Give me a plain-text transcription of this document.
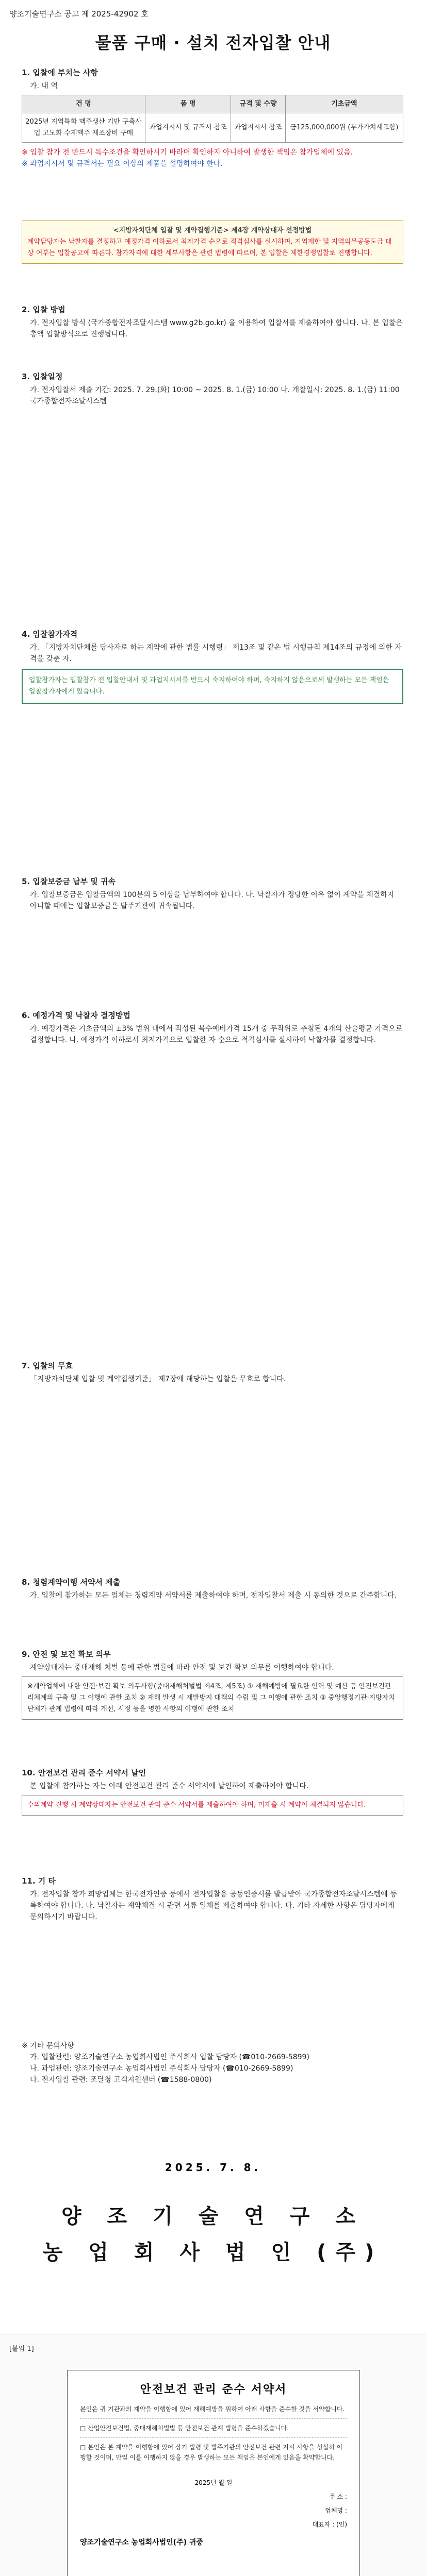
양조기술연구소 공고 제 2025-42902 호
물품 구매 · 설치 전자입찰 안내
1. 입찰에 부치는 사항
가. 내 역
건 명	품 명	규격 및 수량	기초금액
2025년 지역특화 맥주생산 기반 구축사업 고도화 수제맥주 제조장비 구매	과업지시서 및 규격서 참조	과업지시서 참조	금125,000,000원 (부가가치세포함)
※ 입찰 참가 전 반드시 특수조건을 확인하시기 바라며 확인하지 아니하여 발생한 책임은 참가업체에 있음.
※ 과업지시서 및 규격서는 필요 이상의 제품을 설명하여야 한다.
<지방자치단체 입찰 및 계약집행기준> 제4장 계약상대자 선정방법
계약담당자는 낙찰자를 결정하고 예정가격 이하로서 최저가격 순으로 적격심사를 실시하며, 지역제한 및 지역의무공동도급 대상 여부는 입찰공고에 따른다. 참가자격에 대한 세부사항은 관련 법령에 따르며, 본 입찰은 제한경쟁입찰로 진행합니다.
2. 입찰 방법
가. 전자입찰 방식 (국가종합전자조달시스템 www.g2b.go.kr) 을 이용하여 입찰서를 제출하여야 합니다. 나. 본 입찰은 총액 입찰방식으로 진행됩니다.
3. 입찰일정
가. 전자입찰서 제출 기간: 2025. 7. 29.(화) 10:00 ~ 2025. 8. 1.(금) 10:00 나. 개찰일시: 2025. 8. 1.(금) 11:00 국가종합전자조달시스템
4. 입찰참가자격
가. 「지방자치단체를 당사자로 하는 계약에 관한 법률 시행령」 제13조 및 같은 법 시행규칙 제14조의 규정에 의한 자격을 갖춘 자.
입찰참가자는 입찰참가 전 입찰안내서 및 과업지시서를 반드시 숙지하여야 하며, 숙지하지 않음으로써 발생하는 모든 책임은 입찰참가자에게 있습니다.
5. 입찰보증금 납부 및 귀속
가. 입찰보증금은 입찰금액의 100분의 5 이상을 납부하여야 합니다. 나. 낙찰자가 정당한 이유 없이 계약을 체결하지 아니할 때에는 입찰보증금은 발주기관에 귀속됩니다.
6. 예정가격 및 낙찰자 결정방법
가. 예정가격은 기초금액의 ±3% 범위 내에서 작성된 복수예비가격 15개 중 무작위로 추첨된 4개의 산술평균 가격으로 결정합니다. 나. 예정가격 이하로서 최저가격으로 입찰한 자 순으로 적격심사를 실시하여 낙찰자를 결정합니다.
7. 입찰의 무효
「지방자치단체 입찰 및 계약집행기준」 제7장에 해당하는 입찰은 무효로 합니다.
8. 청렴계약이행 서약서 제출
가. 입찰에 참가하는 모든 업체는 청렴계약 서약서를 제출하여야 하며, 전자입찰서 제출 시 동의한 것으로 간주합니다.
9. 안전 및 보건 확보 의무
계약상대자는 중대재해 처벌 등에 관한 법률에 따라 안전 및 보건 확보 의무를 이행하여야 합니다.
※계약업체에 대한 안전·보건 확보 의무사항(중대재해처벌법 제4조, 제5조) ① 재해예방에 필요한 인력 및 예산 등 안전보건관리체계의 구축 및 그 이행에 관한 조치 ② 재해 발생 시 재발방지 대책의 수립 및 그 이행에 관한 조치 ③ 중앙행정기관·지방자치단체가 관계 법령에 따라 개선, 시정 등을 명한 사항의 이행에 관한 조치
10. 안전보건 관리 준수 서약서 날인
본 입찰에 참가하는 자는 아래 안전보건 관리 준수 서약서에 날인하여 제출하여야 합니다.
수의계약 진행 시 계약상대자는 안전보건 관리 준수 서약서를 제출하여야 하며, 미제출 시 계약이 체결되지 않습니다.
11. 기 타
가. 전자입찰 참가 희망업체는 한국전자인증 등에서 전자입찰용 공동인증서를 발급받아 국가종합전자조달시스템에 등록하여야 합니다. 나. 낙찰자는 계약체결 시 관련 서류 일체를 제출하여야 합니다. 다. 기타 자세한 사항은 담당자에게 문의하시기 바랍니다.
※ 기타 문의사항
가. 입찰관련: 양조기술연구소 농업회사법인 주식회사 입찰 담당자 (☎010-2669-5899)
나. 과업관련: 양조기술연구소 농업회사법인 주식회사 담당자 (☎010-2669-5899)
다. 전자입찰 관련: 조달청 고객지원센터 (☎1588-0800)
2025. 7. 8.
양 조 기 술 연 구 소
농 업 회 사 법 인 (주)
[붙임 1]
안전보건 관리 준수 서약서
본인은 귀 기관과의 계약을 이행함에 있어 재해예방을 위하여 아래 사항을 준수할 것을 서약합니다.
□ 산업안전보건법, 중대재해처벌법 등 안전보건 관계 법령을 준수하겠습니다.
□ 본인은 본 계약을 이행함에 있어 상기 법령 및 발주기관의 안전보건 관련 지시 사항을 성실히 이행할 것이며, 만일 이를 이행하지 않을 경우 발생하는 모든 책임은 본인에게 있음을 확약합니다.
2025년 월 일
주 소 :
업체명 :
대표자 : (인)
양조기술연구소 농업회사법인(주) 귀중
